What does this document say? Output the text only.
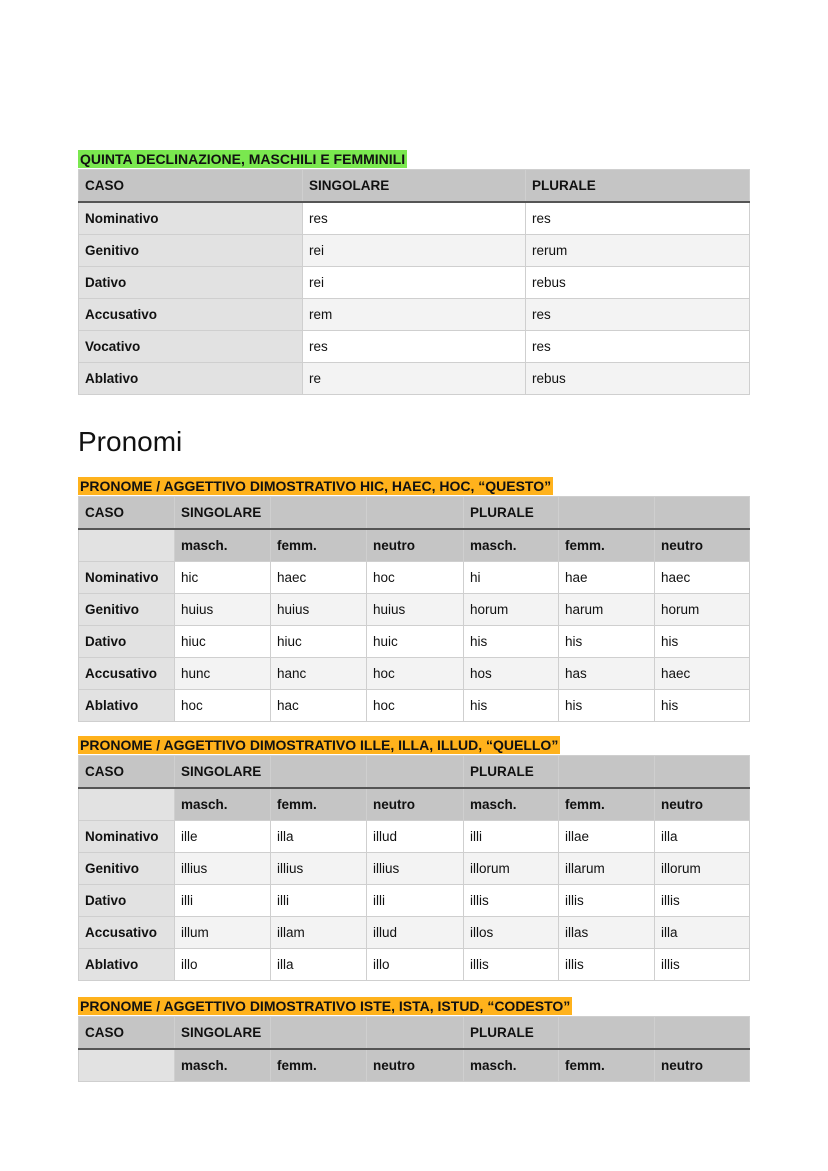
QUINTA DECLINAZIONE, MASCHILI E FEMMINILI
CASO	SINGOLARE	PLURALE
Nominativo	res	res
Genitivo	rei	rerum
Dativo	rei	rebus
Accusativo	rem	res
Vocativo	res	res
Ablativo	re	rebus
Pronomi
PRONOME / AGGETTIVO DIMOSTRATIVO HIC, HAEC, HOC, “QUESTO”
CASO	SINGOLARE			PLURALE		
	masch.	femm.	neutro	masch.	femm.	neutro
Nominativo	hic	haec	hoc	hi	hae	haec
Genitivo	huius	huius	huius	horum	harum	horum
Dativo	hiuc	hiuc	huic	his	his	his
Accusativo	hunc	hanc	hoc	hos	has	haec
Ablativo	hoc	hac	hoc	his	his	his
PRONOME / AGGETTIVO DIMOSTRATIVO ILLE, ILLA, ILLUD, “QUELLO”
CASO	SINGOLARE			PLURALE		
	masch.	femm.	neutro	masch.	femm.	neutro
Nominativo	ille	illa	illud	illi	illae	illa
Genitivo	illius	illius	illius	illorum	illarum	illorum
Dativo	illi	illi	illi	illis	illis	illis
Accusativo	illum	illam	illud	illos	illas	illa
Ablativo	illo	illa	illo	illis	illis	illis
PRONOME / AGGETTIVO DIMOSTRATIVO ISTE, ISTA, ISTUD, “CODESTO”
CASO	SINGOLARE			PLURALE		
	masch.	femm.	neutro	masch.	femm.	neutro
